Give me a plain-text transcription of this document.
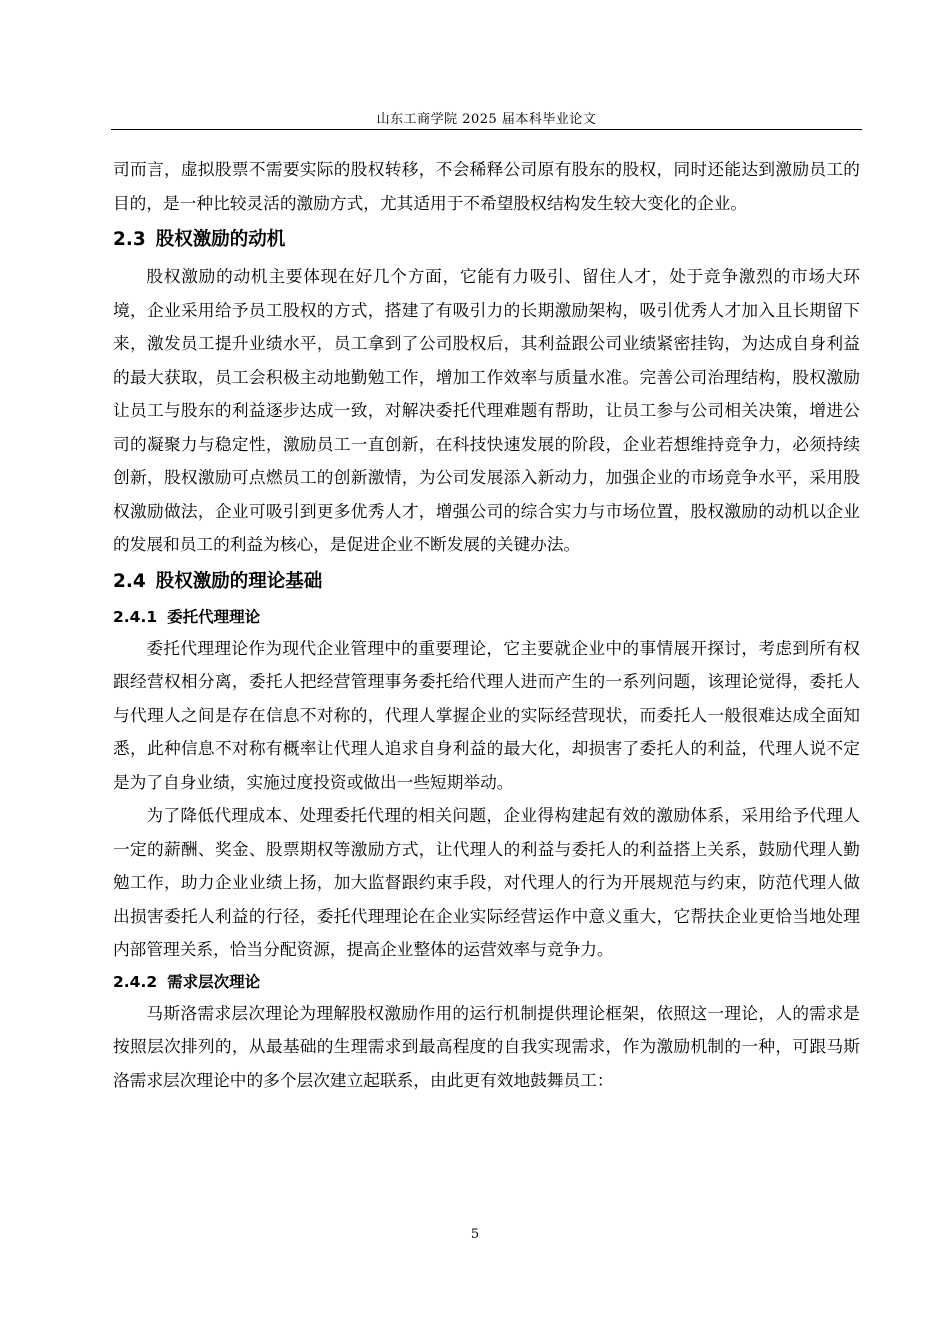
山东工商学院 2025 届本科毕业论文

司而言，虚拟股票不需要实际的股权转移，不会稀释公司原有股东的股权，同时还能达到激励员工的目的，是一种比较灵活的激励方式，尤其适用于不希望股权结构发生较大变化的企业。

2.3 股权激励的动机

股权激励的动机主要体现在好几个方面，它能有力吸引、留住人才，处于竞争激烈的市场大环境，企业采用给予员工股权的方式，搭建了有吸引力的长期激励架构，吸引优秀人才加入且长期留下来，激发员工提升业绩水平，员工拿到了公司股权后，其利益跟公司业绩紧密挂钩，为达成自身利益的最大获取，员工会积极主动地勤勉工作，增加工作效率与质量水准。完善公司治理结构，股权激励让员工与股东的利益逐步达成一致，对解决委托代理难题有帮助，让员工参与公司相关决策，增进公司的凝聚力与稳定性，激励员工一直创新，在科技快速发展的阶段，企业若想维持竞争力，必须持续创新，股权激励可点燃员工的创新激情，为公司发展添入新动力，加强企业的市场竞争水平，采用股权激励做法，企业可吸引到更多优秀人才，增强公司的综合实力与市场位置，股权激励的动机以企业的发展和员工的利益为核心，是促进企业不断发展的关键办法。

2.4 股权激励的理论基础
2.4.1 委托代理理论

委托代理理论作为现代企业管理中的重要理论，它主要就企业中的事情展开探讨，考虑到所有权跟经营权相分离，委托人把经营管理事务委托给代理人进而产生的一系列问题，该理论觉得，委托人与代理人之间是存在信息不对称的，代理人掌握企业的实际经营现状，而委托人一般很难达成全面知悉，此种信息不对称有概率让代理人追求自身利益的最大化，却损害了委托人的利益，代理人说不定是为了自身业绩，实施过度投资或做出一些短期举动。

为了降低代理成本、处理委托代理的相关问题，企业得构建起有效的激励体系，采用给予代理人一定的薪酬、奖金、股票期权等激励方式，让代理人的利益与委托人的利益搭上关系，鼓励代理人勤勉工作，助力企业业绩上扬，加大监督跟约束手段，对代理人的行为开展规范与约束，防范代理人做出损害委托人利益的行径，委托代理理论在企业实际经营运作中意义重大，它帮扶企业更恰当地处理内部管理关系，恰当分配资源，提高企业整体的运营效率与竞争力。

2.4.2 需求层次理论

马斯洛需求层次理论为理解股权激励作用的运行机制提供理论框架，依照这一理论，人的需求是按照层次排列的，从最基础的生理需求到最高程度的自我实现需求，作为激励机制的一种，可跟马斯洛需求层次理论中的多个层次建立起联系，由此更有效地鼓舞员工：

5
